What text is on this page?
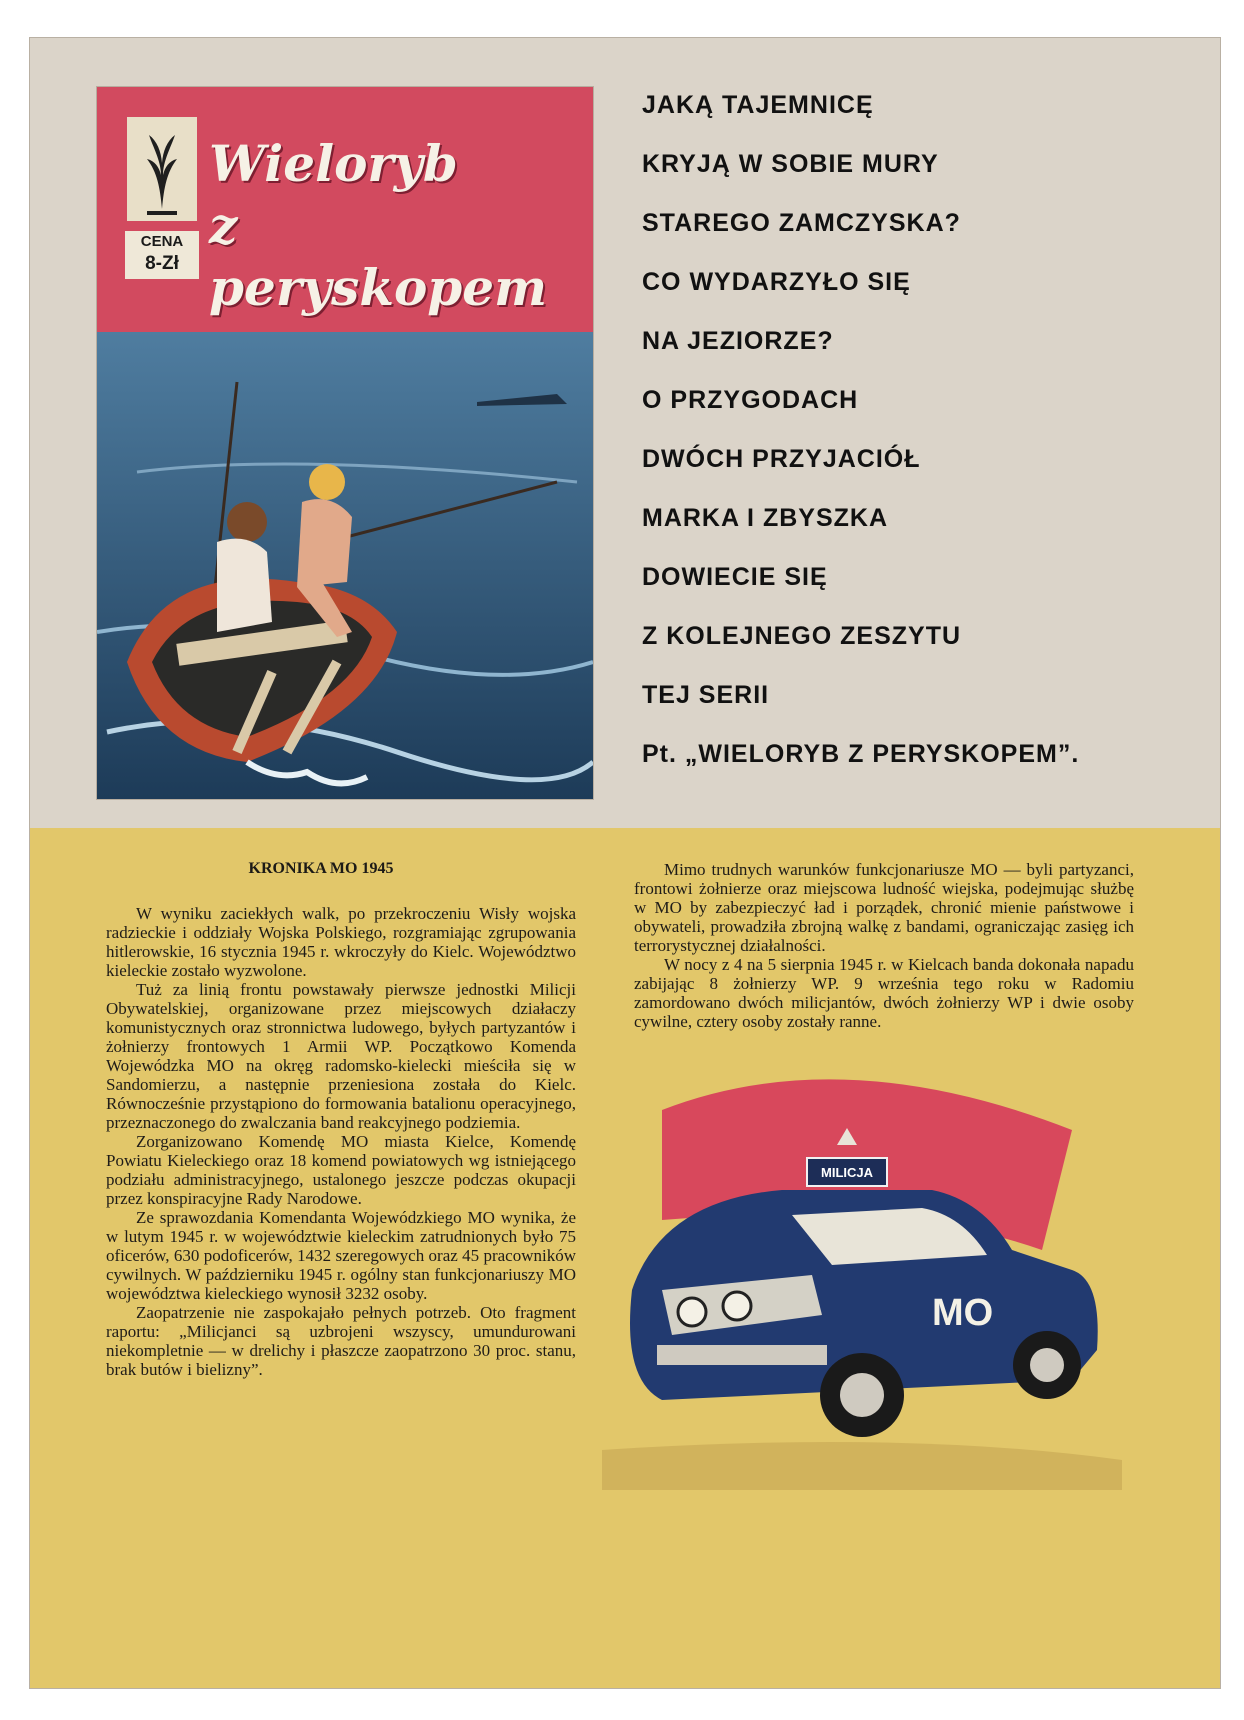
CENA
8-Zł
Wieloryb
z peryskopem
JAKĄ TAJEMNICĘ
KRYJĄ W SOBIE MURY
STAREGO ZAMCZYSKA?
CO WYDARZYŁO SIĘ
NA JEZIORZE?
O PRZYGODACH
DWÓCH PRZYJACIÓŁ
MARKA I ZBYSZKA
DOWIECIE SIĘ
Z KOLEJNEGO ZESZYTU
TEJ SERII
Pt. „WIELORYB Z PERYSKOPEM”.
KRONIKA MO 1945

W wyniku zaciekłych walk, po przekroczeniu Wisły wojska radzieckie i oddziały Wojska Polskiego, rozgramiając zgrupowania hitlerowskie, 16 stycznia 1945 r. wkroczyły do Kielc. Województwo kieleckie zostało wyzwolone.

Tuż za linią frontu powstawały pierwsze jednostki Milicji Obywatelskiej, organizowane przez miejscowych działaczy komunistycznych oraz stronnictwa ludowego, byłych partyzantów i żołnierzy frontowych 1 Armii WP. Początkowo Komenda Wojewódzka MO na okręg radomsko-kielecki mieściła się w Sandomierzu, a następnie przeniesiona została do Kielc. Równocześnie przystąpiono do formowania batalionu operacyjnego, przeznaczonego do zwalczania band reakcyjnego podziemia.

Zorganizowano Komendę MO miasta Kielce, Komendę Powiatu Kieleckiego oraz 18 komend powiatowych wg istniejącego podziału administracyjnego, ustalonego jeszcze podczas okupacji przez konspiracyjne Rady Narodowe.

Ze sprawozdania Komendanta Wojewódzkiego MO wynika, że w lutym 1945 r. w województwie kieleckim zatrudnionych było 75 oficerów, 630 podoficerów, 1432 szeregowych oraz 45 pracowników cywilnych. W październiku 1945 r. ogólny stan funkcjonariuszy MO województwa kieleckiego wynosił 3232 osoby.

Zaopatrzenie nie zaspokajało pełnych potrzeb. Oto fragment raportu: „Milicjanci są uzbrojeni wszyscy, umundurowani niekompletnie — w drelichy i płaszcze zaopatrzono 30 proc. stanu, brak butów i bielizny”.

Mimo trudnych warunków funkcjonariusze MO — byli partyzanci, frontowi żołnierze oraz miejscowa ludność wiejska, podejmując służbę w MO by zabezpieczyć ład i porządek, chronić mienie państwowe i obywateli, prowadziła zbrojną walkę z bandami, ograniczając zasięg ich terrorystycznej działalności.

W nocy z 4 na 5 sierpnia 1945 r. w Kielcach banda dokonała napadu zabijając 8 żołnierzy WP. 9 września tego roku w Radomiu zamordowano dwóch milicjantów, dwóch żołnierzy WP i dwie osoby cywilne, cztery osoby zostały ranne.

MILICJA
MO
